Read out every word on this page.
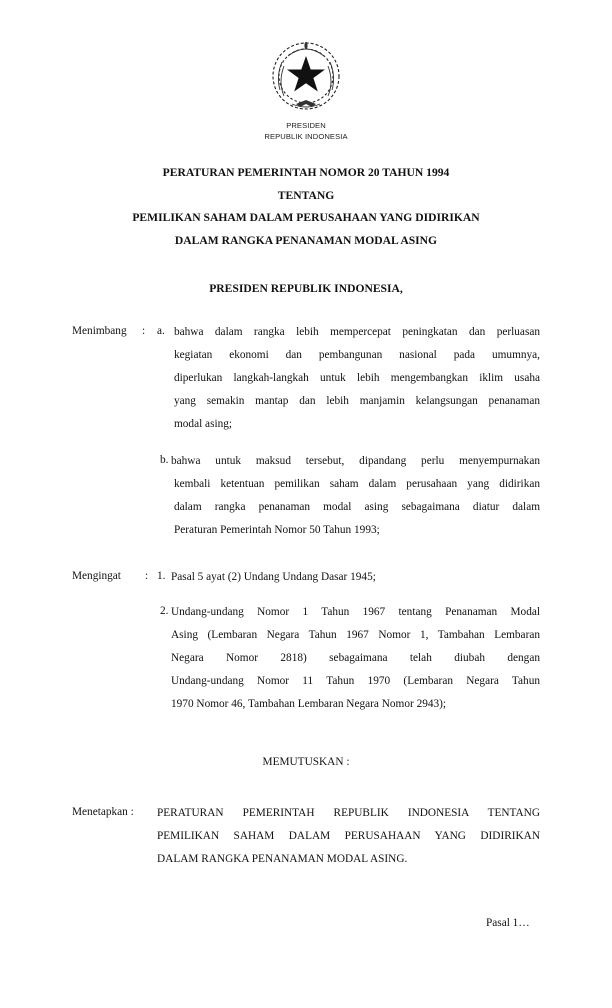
PRESIDEN
REPUBLIK INDONESIA
PERATURAN PEMERINTAH NOMOR 20 TAHUN 1994
TENTANG
PEMILIKAN SAHAM DALAM PERUSAHAAN YANG DIDIRIKAN
DALAM RANGKA PENANAMAN MODAL ASING
PRESIDEN REPUBLIK INDONESIA,
Menimbang : a. bahwa dalam rangka lebih mempercepat peningkatan dan perluasan
kegiatan ekonomi dan pembangunan nasional pada umumnya,
diperlukan langkah-langkah untuk lebih mengembangkan iklim usaha
yang semakin mantap dan lebih manjamin kelangsungan penanaman
modal asing;
b. bahwa untuk maksud tersebut, dipandang perlu menyempurnakan
kembali ketentuan pemilikan saham dalam perusahaan yang didirikan
dalam rangka penanaman modal asing sebagaimana diatur dalam
Peraturan Pemerintah Nomor 50 Tahun 1993;
Mengingat : 1. Pasal 5 ayat (2) Undang Undang Dasar 1945;
2. Undang-undang Nomor 1 Tahun 1967 tentang Penanaman Modal
Asing (Lembaran Negara Tahun 1967 Nomor 1, Tambahan Lembaran
Negara Nomor 2818) sebagaimana telah diubah dengan
Undang-undang Nomor 11 Tahun 1970 (Lembaran Negara Tahun
1970 Nomor 46, Tambahan Lembaran Negara Nomor 2943);
MEMUTUSKAN :
Menetapkan : PERATURAN PEMERINTAH REPUBLIK INDONESIA TENTANG
PEMILIKAN SAHAM DALAM PERUSAHAAN YANG DIDIRIKAN
DALAM RANGKA PENANAMAN MODAL ASING.
Pasal 1…
